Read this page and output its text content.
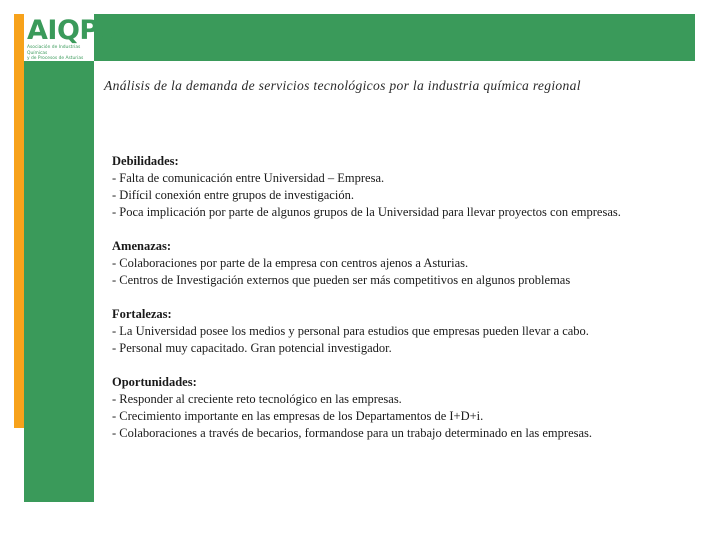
AIQPA
Asociación de Industrias Químicas
y de Procesos de Asturias
Análisis de la demanda de servicios tecnológicos por la industria química regional
Debilidades:
- Falta de comunicación entre Universidad – Empresa.
- Difícil conexión entre grupos de investigación.
- Poca implicación por parte de algunos grupos de la Universidad para llevar proyectos con empresas.
Amenazas:
- Colaboraciones por parte de la empresa con centros ajenos a Asturias.
- Centros de Investigación externos que pueden ser más competitivos en algunos problemas
Fortalezas:
- La Universidad posee los medios y personal para estudios que empresas pueden llevar a cabo.
- Personal muy capacitado. Gran potencial investigador.
Oportunidades:
- Responder al creciente reto tecnológico en las empresas.
- Crecimiento importante en las empresas de los Departamentos de I+D+i.
- Colaboraciones a través de becarios, formandose para un trabajo determinado en las empresas.
